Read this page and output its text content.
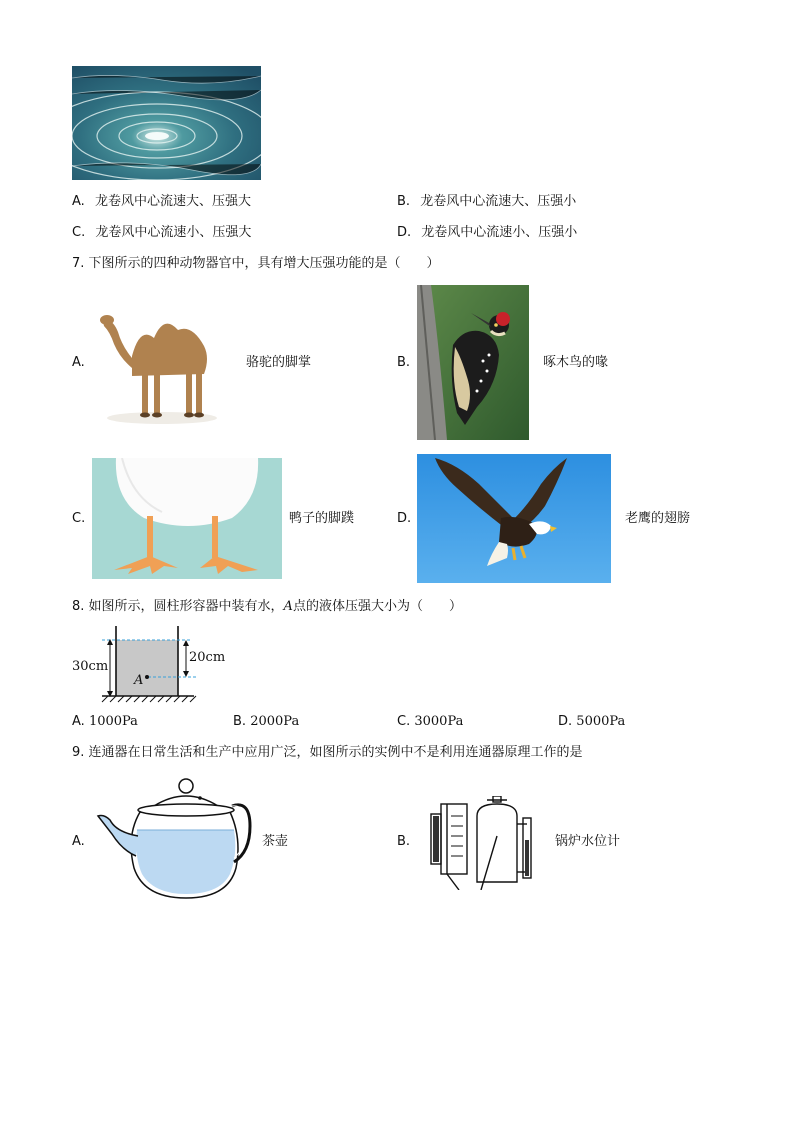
A. 龙卷风中心流速大、压强大	B. 龙卷风中心流速大、压强小
C. 龙卷风中心流速小、压强大	D. 龙卷风中心流速小、压强小
7. 下图所示的四种动物器官中，具有增大压强功能的是（　　）
A.	骆驼的脚掌	B.	啄木鸟的喙
C.	鸭子的脚蹼	D.	老鹰的翅膀
8. 如图所示，圆柱形容器中装有水，A点的液体压强大小为（　　）
30cm
20cm
A
A. 1000Pa	B. 2000Pa	C. 3000Pa	D. 5000Pa
9. 连通器在日常生活和生产中应用广泛，如图所示的实例中不是利用连通器原理工作的是
A.	茶壶	B.	锅炉水位计
